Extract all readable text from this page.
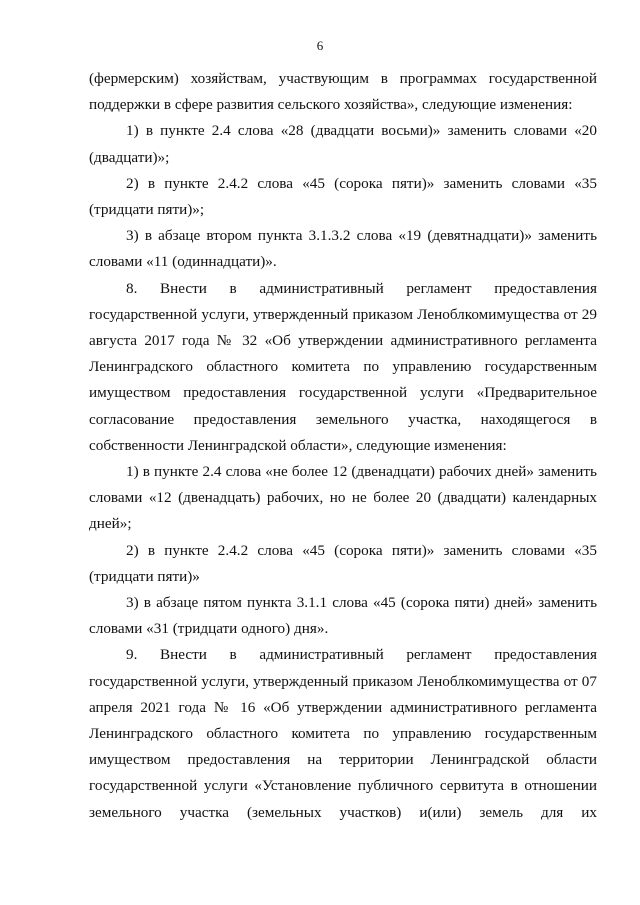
6

(фермерским) хозяйствам, участвующим в программах государственной поддержки в сфере развития сельского хозяйства», следующие изменения:

1) в пункте 2.4 слова «28 (двадцати восьми)» заменить словами «20 (двадцати)»;

2) в пункте 2.4.2 слова «45 (сорока пяти)» заменить словами «35 (тридцати пяти)»;

3) в абзаце втором пункта 3.1.3.2 слова «19 (девятнадцати)» заменить словами «11 (одиннадцати)».

8. Внести в административный регламент предоставления государственной услуги, утвержденный приказом Леноблкомимущества от 29 августа 2017 года № 32 «Об утверждении административного регламента Ленинградского областного комитета по управлению государственным имуществом предоставления государственной услуги «Предварительное согласование предоставления земельного участка, находящегося в собственности Ленинградской области», следующие изменения:

1) в пункте 2.4 слова «не более 12 (двенадцати) рабочих дней» заменить словами «12 (двенадцать) рабочих, но не более 20 (двадцати) календарных дней»;

2) в пункте 2.4.2 слова «45 (сорока пяти)» заменить словами «35 (тридцати пяти)»

3) в абзаце пятом пункта 3.1.1 слова «45 (сорока пяти) дней» заменить словами «31 (тридцати одного) дня».

9. Внести в административный регламент предоставления государственной услуги, утвержденный приказом Леноблкомимущества от 07 апреля 2021 года № 16 «Об утверждении административного регламента Ленинградского областного комитета по управлению государственным имуществом предоставления на территории Ленинградской области государственной услуги «Установление публичного сервитута в отношении земельного участка (земельных участков) и(или) земель для их
